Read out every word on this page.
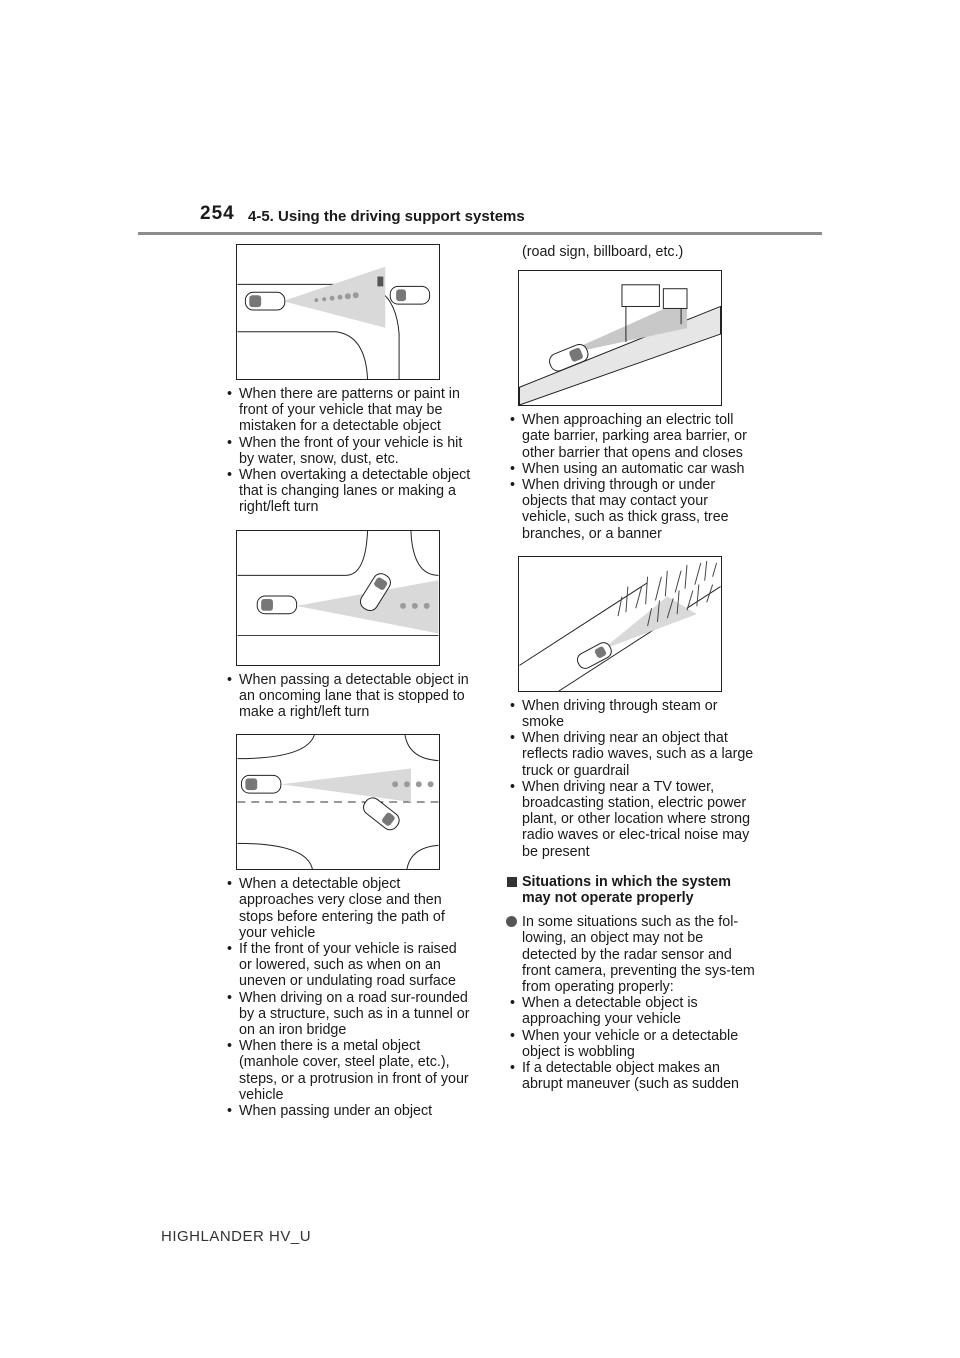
254 4-5. Using the driving support systems
• When there are patterns or paint in front of your vehicle that may be mistaken for a detectable object
• When the front of your vehicle is hit by water, snow, dust, etc.
• When overtaking a detectable object that is changing lanes or making a right/left turn
• When passing a detectable object in an oncoming lane that is stopped to make a right/left turn
• When a detectable object approaches very close and then stops before entering the path of your vehicle
• If the front of your vehicle is raised or lowered, such as when on an uneven or undulating road surface
• When driving on a road sur-rounded by a structure, such as in a tunnel or on an iron bridge
• When there is a metal object (manhole cover, steel plate, etc.), steps, or a protrusion in front of your vehicle
• When passing under an object

(road sign, billboard, etc.)

• When approaching an electric toll gate barrier, parking area barrier, or other barrier that opens and closes
• When using an automatic car wash
• When driving through or under objects that may contact your vehicle, such as thick grass, tree branches, or a banner
• When driving through steam or smoke
• When driving near an object that reflects radio waves, such as a large truck or guardrail
• When driving near a TV tower, broadcasting station, electric power plant, or other location where strong radio waves or elec-trical noise may be present
Situations in which the system may not operate properly

In some situations such as the fol-lowing, an object may not be detected by the radar sensor and front camera, preventing the sys-tem from operating properly:

• When a detectable object is approaching your vehicle
• When your vehicle or a detectable object is wobbling
• If a detectable object makes an abrupt maneuver (such as sudden
HIGHLANDER HV_U
